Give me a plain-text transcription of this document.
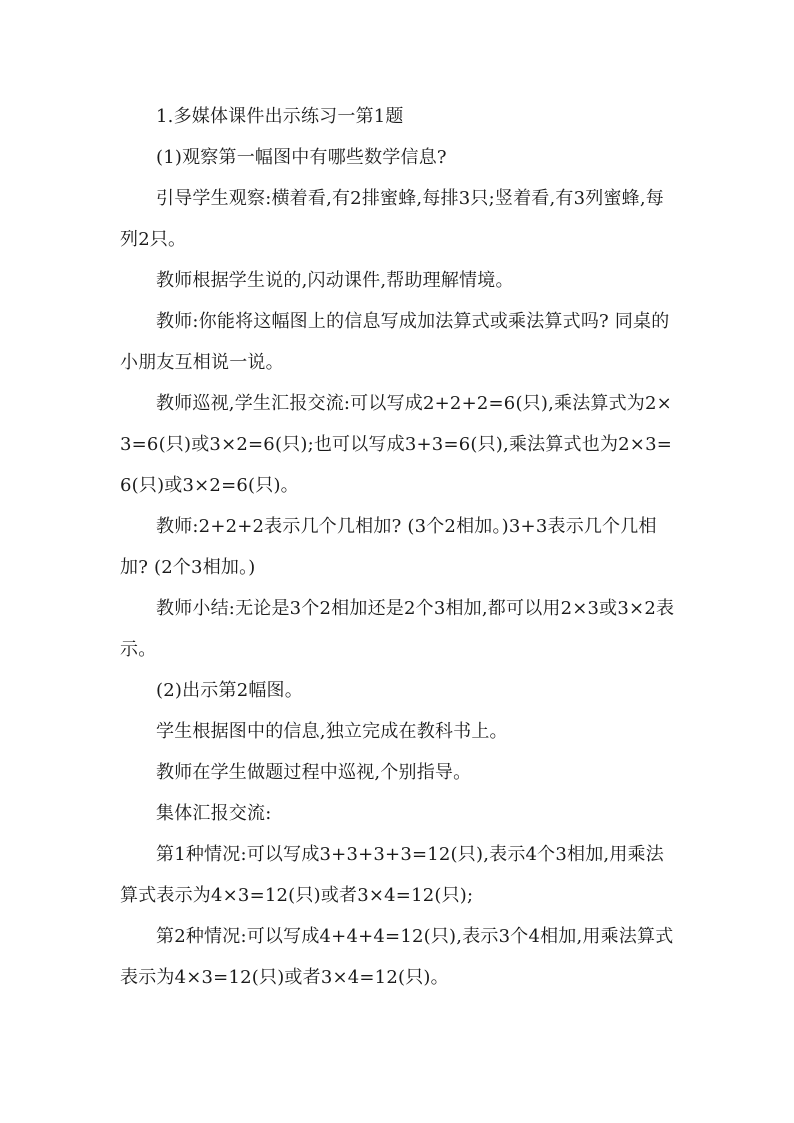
1.多媒体课件出示练习一第1题

(1)观察第一幅图中有哪些数学信息?

引导学生观察:横着看,有2排蜜蜂,每排3只;竖着看,有3列蜜蜂,每列2只。

教师根据学生说的,闪动课件,帮助理解情境。

教师:你能将这幅图上的信息写成加法算式或乘法算式吗? 同桌的小朋友互相说一说。

教师巡视,学生汇报交流:可以写成2+2+2=6(只),乘法算式为2×3=6(只)或3×2=6(只);也可以写成3+3=6(只),乘法算式也为2×3=6(只)或3×2=6(只)。

教师:2+2+2表示几个几相加? (3个2相加。)3+3表示几个几相加? (2个3相加。)

教师小结:无论是3个2相加还是2个3相加,都可以用2×3或3×2表示。

(2)出示第2幅图。

学生根据图中的信息,独立完成在教科书上。

教师在学生做题过程中巡视,个别指导。

集体汇报交流:

第1种情况:可以写成3+3+3+3=12(只),表示4个3相加,用乘法算式表示为4×3=12(只)或者3×4=12(只);

第2种情况:可以写成4+4+4=12(只),表示3个4相加,用乘法算式表示为4×3=12(只)或者3×4=12(只)。
